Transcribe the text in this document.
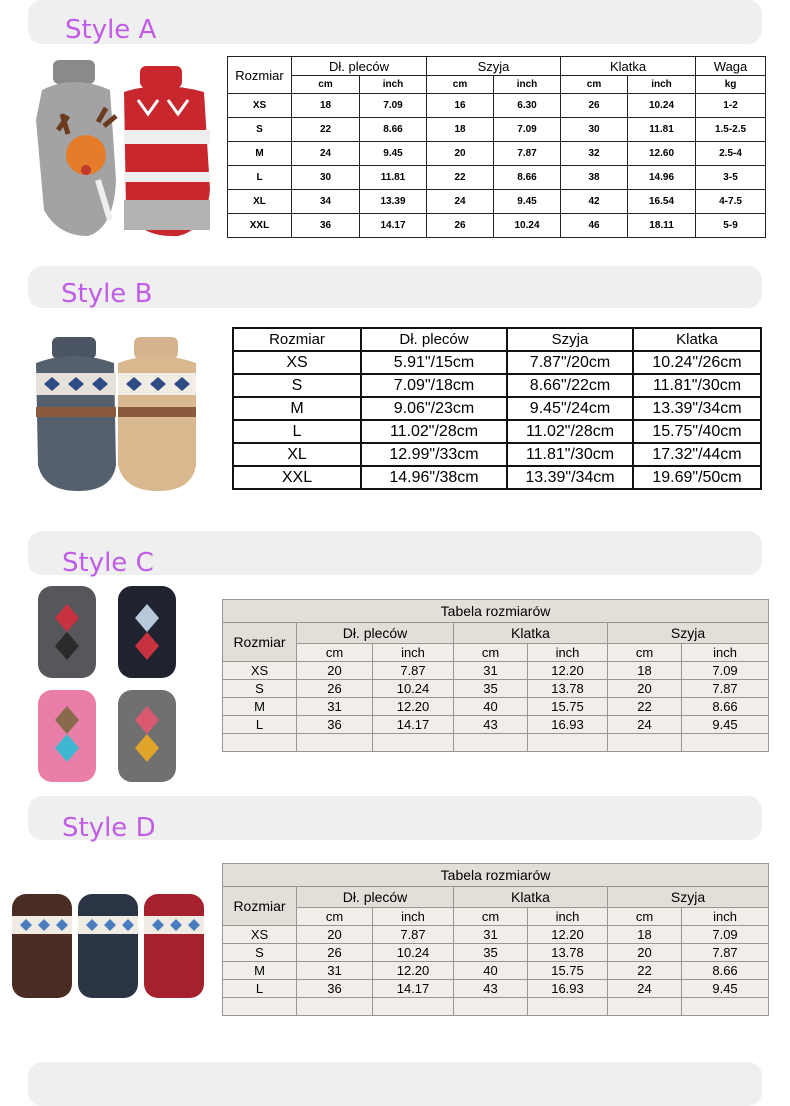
Style A
Style B
Style C
Style D
Rozmiar	Dł. pleców		Szyja		Klatka		Waga
	cm	inch	cm	inch	cm	inch	kg
XS	18	7.09	16	6.30	26	10.24	1-2
S	22	8.66	18	7.09	30	11.81	1.5-2.5
M	24	9.45	20	7.87	32	12.60	2.5-4
L	30	11.81	22	8.66	38	14.96	3-5
XL	34	13.39	24	9.45	42	16.54	4-7.5
XXL	36	14.17	26	10.24	46	18.11	5-9
Rozmiar	Dł. pleców	Szyja	Klatka
XS	5.91"/15cm	7.87"/20cm	10.24"/26cm
S	7.09"/18cm	8.66"/22cm	11.81"/30cm
M	9.06"/23cm	9.45"/24cm	13.39"/34cm
L	11.02"/28cm	11.02"/28cm	15.75"/40cm
XL	12.99"/33cm	11.81"/30cm	17.32"/44cm
XXL	14.96"/38cm	13.39"/34cm	19.69"/50cm
Tabela rozmiarów						
Rozmiar	Dł. pleców		Klatka		Szyja	
	cm	inch	cm	inch	cm	inch
XS	20	7.87	31	12.20	18	7.09
S	26	10.24	35	13.78	20	7.87
M	31	12.20	40	15.75	22	8.66
L	36	14.17	43	16.93	24	9.45

Tabela rozmiarów						
Rozmiar	Dł. pleców		Klatka		Szyja	
	cm	inch	cm	inch	cm	inch
XS	20	7.87	31	12.20	18	7.09
S	26	10.24	35	13.78	20	7.87
M	31	12.20	40	15.75	22	8.66
L	36	14.17	43	16.93	24	9.45
